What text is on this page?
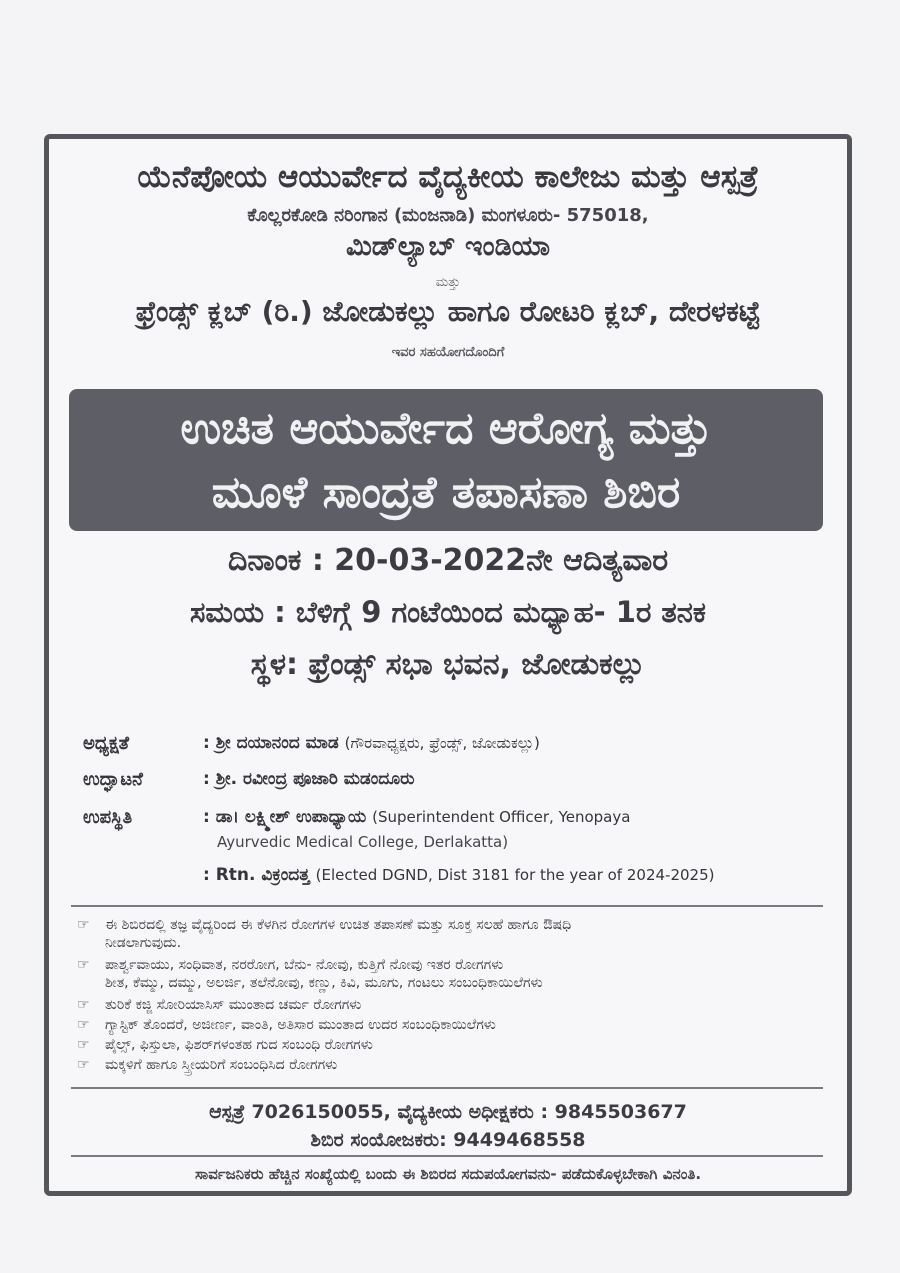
ಯೆನೆಪೋಯ ಆಯುರ್ವೇದ ವೈದ್ಯಕೀಯ ಕಾಲೇಜು ಮತ್ತು ಆಸ್ಪತ್ರೆ
ಕೊಲ್ಲರಕೋಡಿ ನರಿಂಗಾನ (ಮಂಜನಾಡಿ) ಮಂಗಳೂರು- 575018,
ಮಿಡ್‌ಲ್ಯಾಬ್ ಇಂಡಿಯಾ
ಮತ್ತು
ಫ್ರೆಂಡ್ಸ್ ಕ್ಲಬ್ (ರಿ.) ಜೋಡುಕಲ್ಲು ಹಾಗೂ ರೋಟರಿ ಕ್ಲಬ್, ದೇರಳಕಟ್ಟೆ
ಇವರ ಸಹಯೋಗದೊಂದಿಗೆ
ಉಚಿತ ಆಯುರ್ವೇದ ಆರೋಗ್ಯ ಮತ್ತು
ಮೂಳೆ ಸಾಂದ್ರತೆ ತಪಾಸಣಾ ಶಿಬಿರ
ದಿನಾಂಕ : 20-03-2022ನೇ ಆದಿತ್ಯವಾರ
ಸಮಯ : ಬೆಳಿಗ್ಗೆ 9 ಗಂಟೆಯಿಂದ ಮಧ್ಯಾಹ- 1ರ ತನಕ
ಸ್ಥಳ: ಫ್ರೆಂಡ್ಸ್ ಸಭಾ ಭವನ, ಜೋಡುಕಲ್ಲು
ಅಧ್ಯಕ್ಷತೆ	: ಶ್ರೀ ದಯಾನಂದ ಮಾಡ (ಗೌರವಾಧ್ಯಕ್ಷರು, ಫ್ರೆಂಡ್ಸ್, ಜೋಡುಕಲ್ಲು)
ಉದ್ಘಾಟನೆ	: ಶ್ರೀ. ರವೀಂದ್ರ ಪೂಜಾರಿ ಮಡಂದೂರು
ಉಪಸ್ಥಿತಿ	: ಡಾ। ಲಕ್ಷ್ಮೀಶ್ ಉಪಾಧ್ಯಾಯ (Superintendent Officer, Yenopaya
Ayurvedic Medical College, Derlakatta)
: Rtn. ವಿಕ್ರಂದತ್ತ (Elected DGND, Dist 3181 for the year of 2024-2025)
☞ ಈ ಶಿಬಿರದಲ್ಲಿ ತಜ್ಞ ವೈದ್ಯರಿಂದ ಈ ಕೆಳಗಿನ ರೋಗಗಳ ಉಚಿತ ತಪಾಸಣೆ ಮತ್ತು ಸೂಕ್ತ ಸಲಹೆ ಹಾಗೂ ಔಷಧಿ
ನೀಡಲಾಗುವುದು.
☞ ಪಾರ್ಶ್ವವಾಯು, ಸಂಧಿವಾತ, ನರರೋಗ, ಬೆನು- ನೋವು, ಕುತ್ತಿಗೆ ನೋವು ಇತರ ರೋಗಗಳು
ಶೀತ, ಕೆಮ್ಮು, ದಮ್ಮು, ಅಲರ್ಜಿ, ತಲೆನೋವು, ಕಣ್ಣು, ಕಿವಿ, ಮೂಗು, ಗಂಟಲು ಸಂಬಂಧಿಕಾಯಿಲೆಗಳು
☞ ತುರಿಕೆ ಕಜ್ಜಿ ಸೋರಿಯಾಸಿಸ್ ಮುಂತಾದ ಚರ್ಮ ರೋಗಗಳು
☞ ಗ್ಯಾಸ್ಟಿಕ್ ತೊಂದರೆ, ಅಜೀರ್ಣ, ವಾಂತಿ, ಅತಿಸಾರ ಮುಂತಾದ ಉದರ ಸಂಬಂಧಿಕಾಯಿಲೆಗಳು
☞ ಪೈಲ್ಸ್, ಫಿಸ್ತುಲಾ, ಫಿಶರ್‌ಗಳಂತಹ ಗುದ ಸಂಬಂಧಿ ರೋಗಗಳು
☞ ಮಕ್ಕಳಿಗೆ ಹಾಗೂ ಸ್ತ್ರೀಯರಿಗೆ ಸಂಬಂಧಿಸಿದ ರೋಗಗಳು
ಆಸ್ಪತ್ರೆ 7026150055, ವೈದ್ಯಕೀಯ ಅಧೀಕ್ಷಕರು : 9845503677
ಶಿಬಿರ ಸಂಯೋಜಕರು: 9449468558
ಸಾರ್ವಜನಿಕರು ಹೆಚ್ಚಿನ ಸಂಖ್ಯೆಯಲ್ಲಿ ಬಂದು ಈ ಶಿಬಿರದ ಸದುಪಯೋಗವನು- ಪಡೆದುಕೊಳ್ಳಬೇಕಾಗಿ ವಿನಂತಿ.
